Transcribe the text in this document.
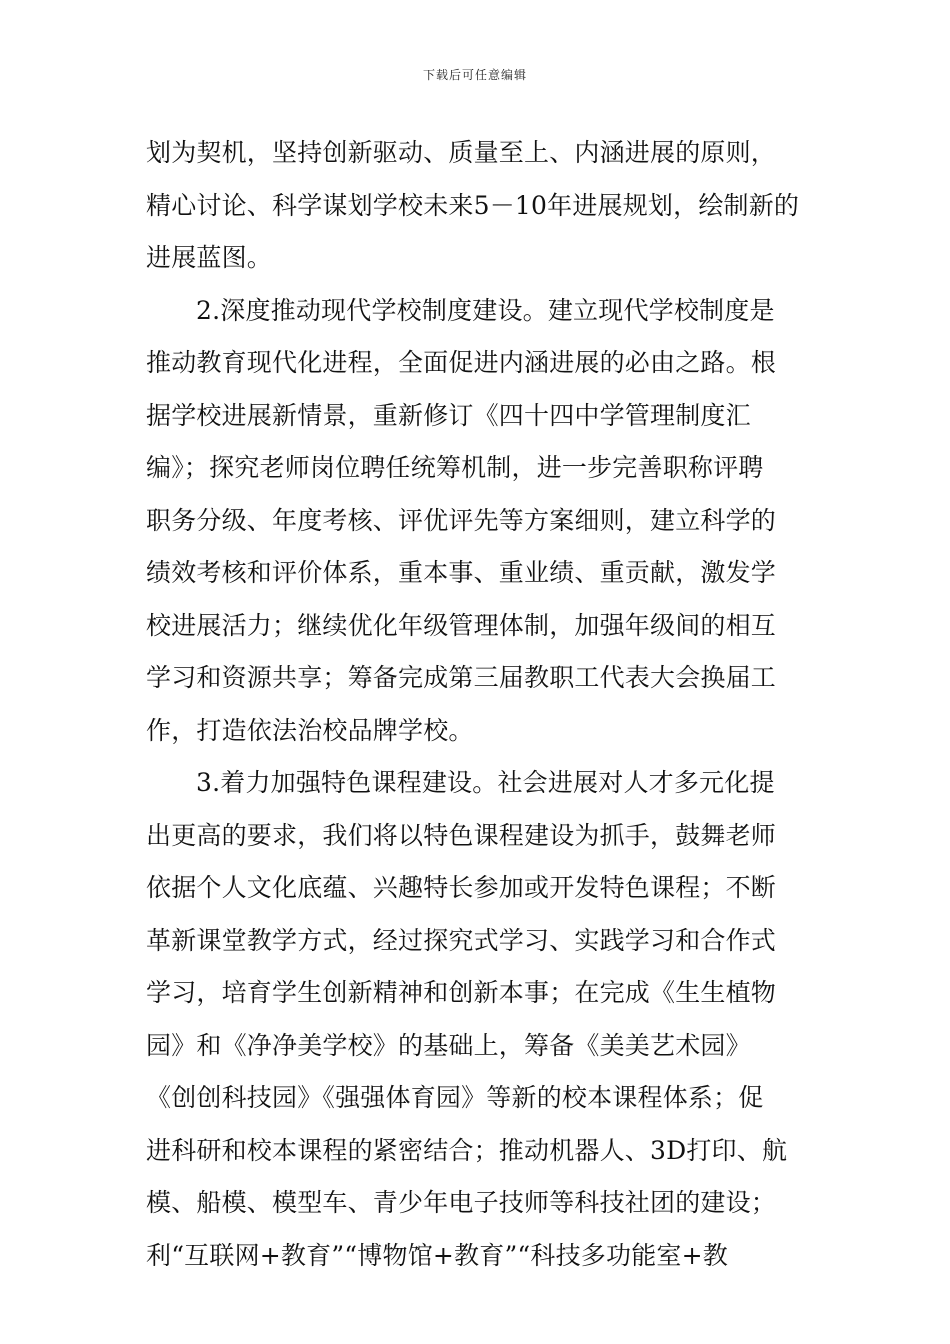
下载后可任意编辑
划为契机，坚持创新驱动、质量至上、内涵进展的原则，
精心讨论、科学谋划学校未来5－10年进展规划，绘制新的
进展蓝图。
2.深度推动现代学校制度建设。建立现代学校制度是
推动教育现代化进程，全面促进内涵进展的必由之路。根
据学校进展新情景，重新修订《四十四中学管理制度汇
编》；探究老师岗位聘任统筹机制，进一步完善职称评聘
职务分级、年度考核、评优评先等方案细则，建立科学的
绩效考核和评价体系，重本事、重业绩、重贡献，激发学
校进展活力；继续优化年级管理体制，加强年级间的相互
学习和资源共享；筹备完成第三届教职工代表大会换届工
作，打造依法治校品牌学校。
3.着力加强特色课程建设。社会进展对人才多元化提
出更高的要求，我们将以特色课程建设为抓手，鼓舞老师
依据个人文化底蕴、兴趣特长参加或开发特色课程；不断
革新课堂教学方式，经过探究式学习、实践学习和合作式
学习，培育学生创新精神和创新本事；在完成《生生植物
园》和《净净美学校》的基础上，筹备《美美艺术园》
《创创科技园》《强强体育园》等新的校本课程体系；促
进科研和校本课程的紧密结合；推动机器人、3D打印、航
模、船模、模型车、青少年电子技师等科技社团的建设；
利“互联网+教育”“博物馆+教育”“科技多功能室+教
